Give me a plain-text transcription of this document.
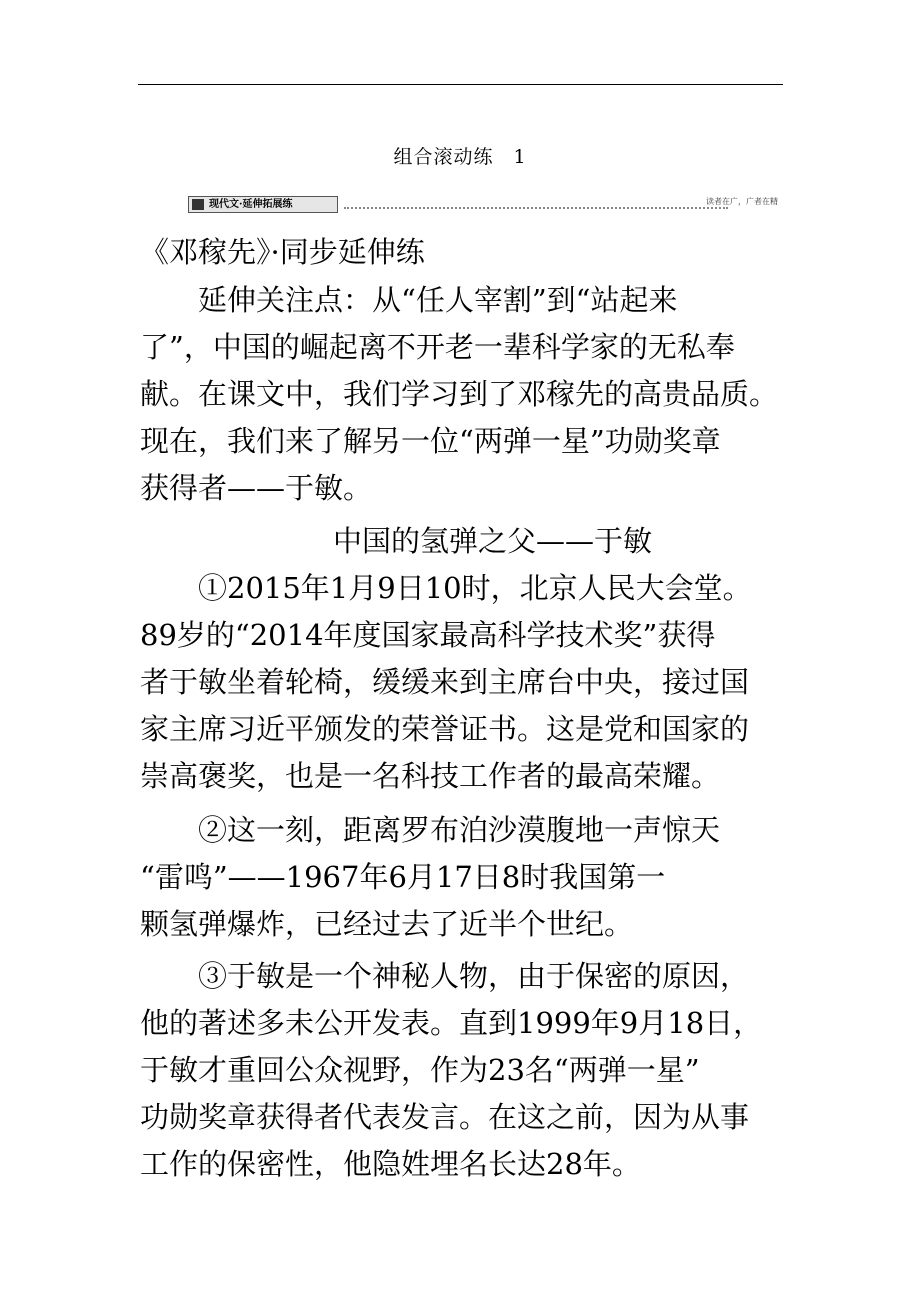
组合滚动练　1
现代文·延伸拓展练	读者在广，广者在精
《邓稼先》·同步延伸练
延伸关注点：从“任人宰割”到“站起来
了”，中国的崛起离不开老一辈科学家的无私奉
献。在课文中，我们学习到了邓稼先的高贵品质。
现在，我们来了解另一位“两弹一星”功勋奖章
获得者——于敏。
中国的氢弹之父——于敏
①2015年1月9日10时，北京人民大会堂。
89岁的“2014年度国家最高科学技术奖”获得
者于敏坐着轮椅，缓缓来到主席台中央，接过国
家主席习近平颁发的荣誉证书。这是党和国家的
崇高褒奖，也是一名科技工作者的最高荣耀。
②这一刻，距离罗布泊沙漠腹地一声惊天
“雷鸣”——1967年6月17日8时我国第一
颗氢弹爆炸，已经过去了近半个世纪。
③于敏是一个神秘人物，由于保密的原因，
他的著述多未公开发表。直到1999年9月18日，
于敏才重回公众视野，作为23名“两弹一星”
功勋奖章获得者代表发言。在这之前，因为从事
工作的保密性，他隐姓埋名长达28年。
